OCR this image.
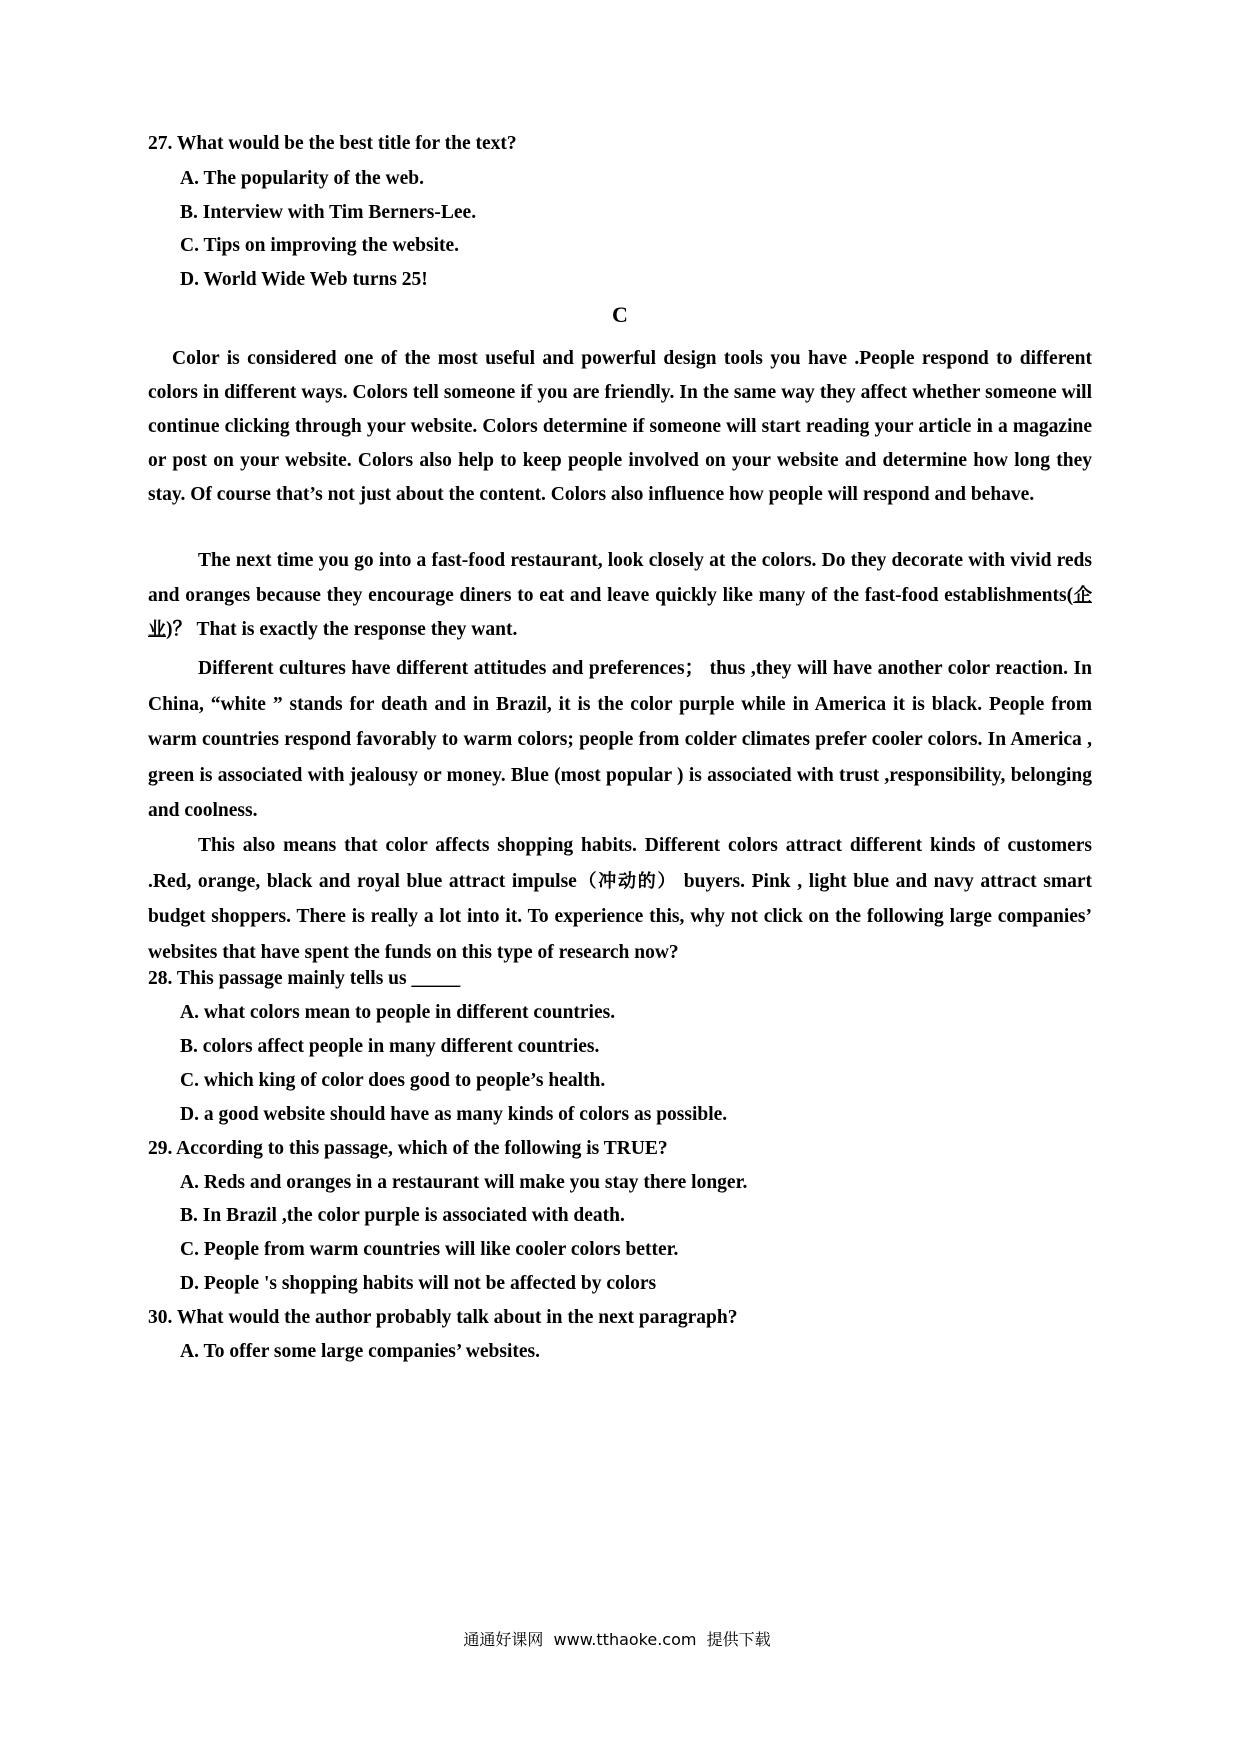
27. What would be the best title for the text?

A. The popularity of the web.

B. Interview with Tim Berners-Lee.

C. Tips on improving the website.

D. World Wide Web turns 25!

C

Color is considered one of the most useful and powerful design tools you have .People respond to different colors in different ways. Colors tell someone if you are friendly. In the same way they affect whether someone will continue clicking through your website. Colors determine if someone will start reading your article in a magazine or post on your website. Colors also help to keep people involved on your website and determine how long they stay. Of course that’s not just about the content. Colors also influence how people will respond and behave.

The next time you go into a fast-food restaurant, look closely at the colors. Do they decorate with vivid reds and oranges because they encourage diners to eat and leave quickly like many of the fast-food establishments(企业)？ That is exactly the response they want.

Different cultures have different attitudes and preferences； thus ,they will have another color reaction. In China, “white ” stands for death and in Brazil, it is the color purple while in America it is black. People from warm countries respond favorably to warm colors; people from colder climates prefer cooler colors. In America , green is associated with jealousy or money. Blue (most popular ) is associated with trust ,responsibility, belonging and coolness.

This also means that color affects shopping habits. Different colors attract different kinds of customers .Red, orange, black and royal blue attract impulse（冲动的） buyers. Pink , light blue and navy attract smart budget shoppers. There is really a lot into it. To experience this, why not click on the following large companies’ websites that have spent the funds on this type of research now?

28. This passage mainly tells us _____

A. what colors mean to people in different countries.

B. colors affect people in many different countries.

C. which king of color does good to people’s health.

D. a good website should have as many kinds of colors as possible.

29. According to this passage, which of the following is TRUE?

A. Reds and oranges in a restaurant will make you stay there longer.

B. In Brazil ,the color purple is associated with death.

C. People from warm countries will like cooler colors better.

D. People 's shopping habits will not be affected by colors

30. What would the author probably talk about in the next paragraph?

A. To offer some large companies’ websites.

通通好课网  www.tthaoke.com  提供下载
